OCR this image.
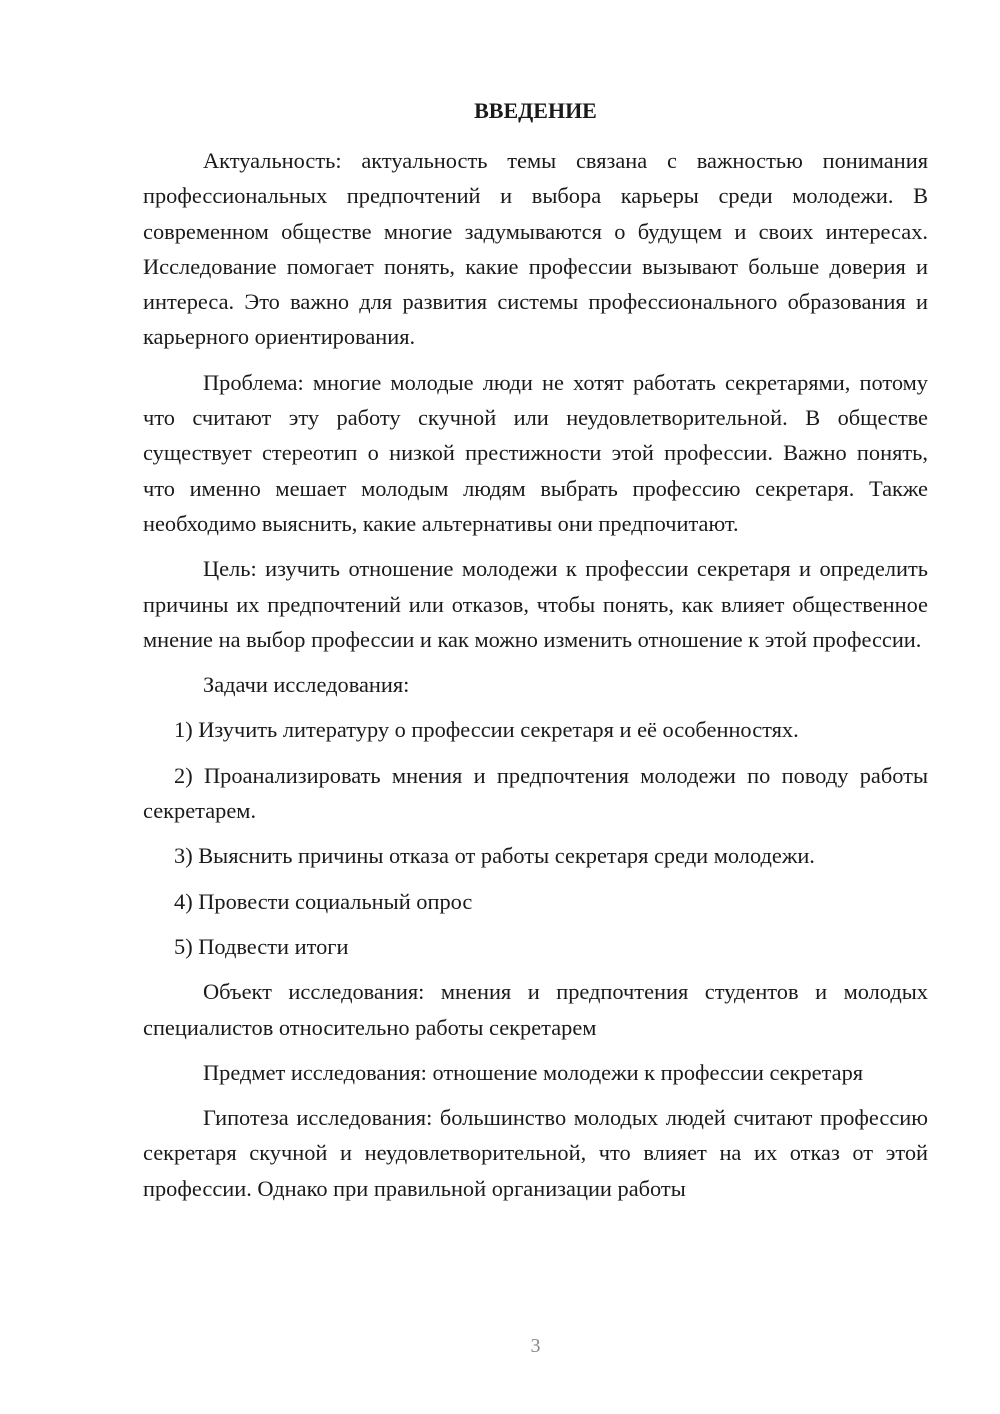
ВВЕДЕНИЕ

Актуальность: актуальность темы связана с важностью понимания профессиональных предпочтений и выбора карьеры среди молодежи. В современном обществе многие задумываются о будущем и своих интересах. Исследование помогает понять, какие профессии вызывают больше доверия и интереса. Это важно для развития системы профессионального образования и карьерного ориентирования.

Проблема: многие молодые люди не хотят работать секретарями, потому что считают эту работу скучной или неудовлетворительной. В обществе существует стереотип о низкой престижности этой профессии. Важно понять, что именно мешает молодым людям выбрать профессию секретаря. Также необходимо выяснить, какие альтернативы они предпочитают.

Цель: изучить отношение молодежи к профессии секретаря и определить причины их предпочтений или отказов, чтобы понять, как влияет общественное мнение на выбор профессии и как можно изменить отношение к этой профессии.

Задачи исследования:

1) Изучить литературу о профессии секретаря и её особенностях.

2) Проанализировать мнения и предпочтения молодежи по поводу работы секретарем.

3) Выяснить причины отказа от работы секретаря среди молодежи.

4) Провести социальный опрос

5) Подвести итоги

Объект исследования: мнения и предпочтения студентов и молодых специалистов относительно работы секретарем

Предмет исследования: отношение молодежи к профессии секретаря

Гипотеза исследования: большинство молодых людей считают профессию секретаря скучной и неудовлетворительной, что влияет на их отказ от этой профессии. Однако при правильной организации работы

3
